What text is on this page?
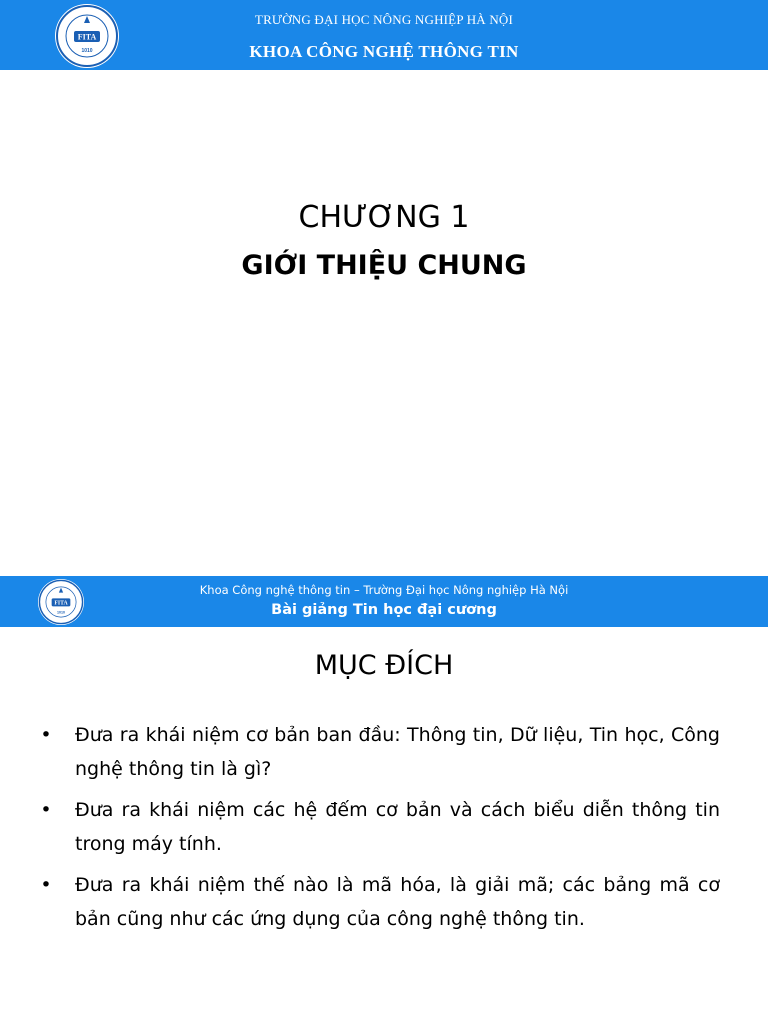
FITA
1010
TRƯỜNG ĐẠI HỌC NÔNG NGHIỆP HÀ NỘI
KHOA CÔNG NGHỆ THÔNG TIN
CHƯƠNG 1
GIỚI THIỆU CHUNG
FITA
1010
Khoa Công nghệ thông tin – Trường Đại học Nông nghiệp Hà Nội
Bài giảng Tin học đại cương
MỤC ĐÍCH
• Đưa ra khái niệm cơ bản ban đầu: Thông tin, Dữ liệu, Tin học, Công nghệ thông tin là gì?
• Đưa ra khái niệm các hệ đếm cơ bản và cách biểu diễn thông tin trong máy tính.
• Đưa ra khái niệm thế nào là mã hóa, là giải mã; các bảng mã cơ bản cũng như các ứng dụng của công nghệ thông tin.
